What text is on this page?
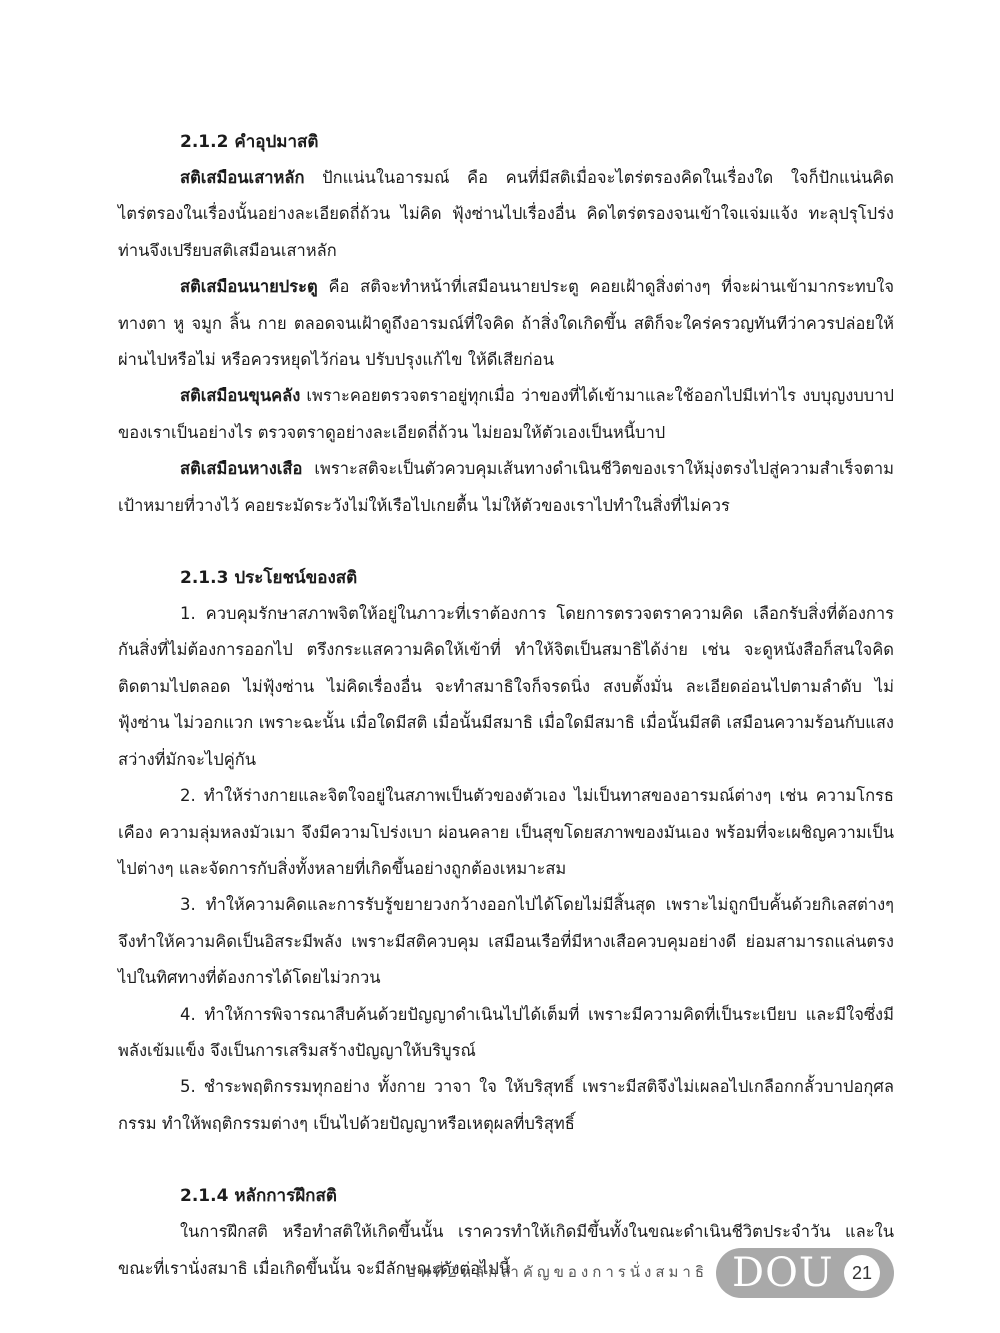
2.1.2 คำอุปมาสติ

สติเสมือนเสาหลัก ปักแน่นในอารมณ์ คือ คนที่มีสติเมื่อจะไตร่ตรองคิดในเรื่องใด ใจก็ปักแน่นคิดไตร่ตรองในเรื่องนั้นอย่างละเอียดถี่ถ้วน ไม่คิด ฟุ้งซ่านไปเรื่องอื่น คิดไตร่ตรองจนเข้าใจแจ่มแจ้ง ทะลุปรุโปร่ง ท่านจึงเปรียบสติเสมือนเสาหลัก

สติเสมือนนายประตู คือ สติจะทำหน้าที่เสมือนนายประตู คอยเฝ้าดูสิ่งต่างๆ ที่จะผ่านเข้ามากระทบใจ ทางตา หู จมูก ลิ้น กาย ตลอดจนเฝ้าดูถึงอารมณ์ที่ใจคิด ถ้าสิ่งใดเกิดขึ้น สติก็จะใคร่ครวญทันทีว่าควรปล่อยให้ผ่านไปหรือไม่ หรือควรหยุดไว้ก่อน ปรับปรุงแก้ไข ให้ดีเสียก่อน

สติเสมือนขุนคลัง เพราะคอยตรวจตราอยู่ทุกเมื่อ ว่าของที่ได้เข้ามาและใช้ออกไปมีเท่าไร งบบุญงบบาปของเราเป็นอย่างไร ตรวจตราดูอย่างละเอียดถี่ถ้วน ไม่ยอมให้ตัวเองเป็นหนี้บาป

สติเสมือนหางเสือ เพราะสติจะเป็นตัวควบคุมเส้นทางดำเนินชีวิตของเราให้มุ่งตรงไปสู่ความสำเร็จตามเป้าหมายที่วางไว้ คอยระมัดระวังไม่ให้เรือไปเกยตื้น ไม่ให้ตัวของเราไปทำในสิ่งที่ไม่ควร

2.1.3 ประโยชน์ของสติ

1. ควบคุมรักษาสภาพจิตให้อยู่ในภาวะที่เราต้องการ โดยการตรวจตราความคิด เลือกรับสิ่งที่ต้องการกันสิ่งที่ไม่ต้องการออกไป ตรึงกระแสความคิดให้เข้าที่ ทำให้จิตเป็นสมาธิได้ง่าย เช่น จะดูหนังสือก็สนใจคิดติดตามไปตลอด ไม่ฟุ้งซ่าน ไม่คิดเรื่องอื่น จะทำสมาธิใจก็จรดนิ่ง สงบตั้งมั่น ละเอียดอ่อนไปตามลำดับ ไม่ฟุ้งซ่าน ไม่วอกแวก เพราะฉะนั้น เมื่อใดมีสติ เมื่อนั้นมีสมาธิ เมื่อใดมีสมาธิ เมื่อนั้นมีสติ เสมือนความร้อนกับแสงสว่างที่มักจะไปคู่กัน

2. ทำให้ร่างกายและจิตใจอยู่ในสภาพเป็นตัวของตัวเอง ไม่เป็นทาสของอารมณ์ต่างๆ เช่น ความโกรธเคือง ความลุ่มหลงมัวเมา จึงมีความโปร่งเบา ผ่อนคลาย เป็นสุขโดยสภาพของมันเอง พร้อมที่จะเผชิญความเป็นไปต่างๆ และจัดการกับสิ่งทั้งหลายที่เกิดขึ้นอย่างถูกต้องเหมาะสม

3. ทำให้ความคิดและการรับรู้ขยายวงกว้างออกไปได้โดยไม่มีสิ้นสุด เพราะไม่ถูกบีบคั้นด้วยกิเลสต่างๆ จึงทำให้ความคิดเป็นอิสระมีพลัง เพราะมีสติควบคุม เสมือนเรือที่มีหางเสือควบคุมอย่างดี ย่อมสามารถแล่นตรงไปในทิศทางที่ต้องการได้โดยไม่วกวน

4. ทำให้การพิจารณาสืบค้นด้วยปัญญาดำเนินไปได้เต็มที่ เพราะมีความคิดที่เป็นระเบียบ และมีใจซึ่งมีพลังเข้มแข็ง จึงเป็นการเสริมสร้างปัญญาให้บริบูรณ์

5. ชำระพฤติกรรมทุกอย่าง ทั้งกาย วาจา ใจ ให้บริสุทธิ์ เพราะมีสติจึงไม่เผลอไปเกลือกกลั้วบาปอกุศลกรรม ทำให้พฤติกรรมต่างๆ เป็นไปด้วยปัญญาหรือเหตุผลที่บริสุทธิ์

2.1.4 หลักการฝึกสติ

ในการฝึกสติ หรือทำสติให้เกิดขึ้นนั้น เราควรทำให้เกิดมีขึ้นทั้งในขณะดำเนินชีวิตประจำวัน และในขณะที่เรานั่งสมาธิ เมื่อเกิดขึ้นนั้น จะมีลักษณะดังต่อไปนี้

บทที่2หลักสำคัญของการนั่งสมาธิ DOU	21
